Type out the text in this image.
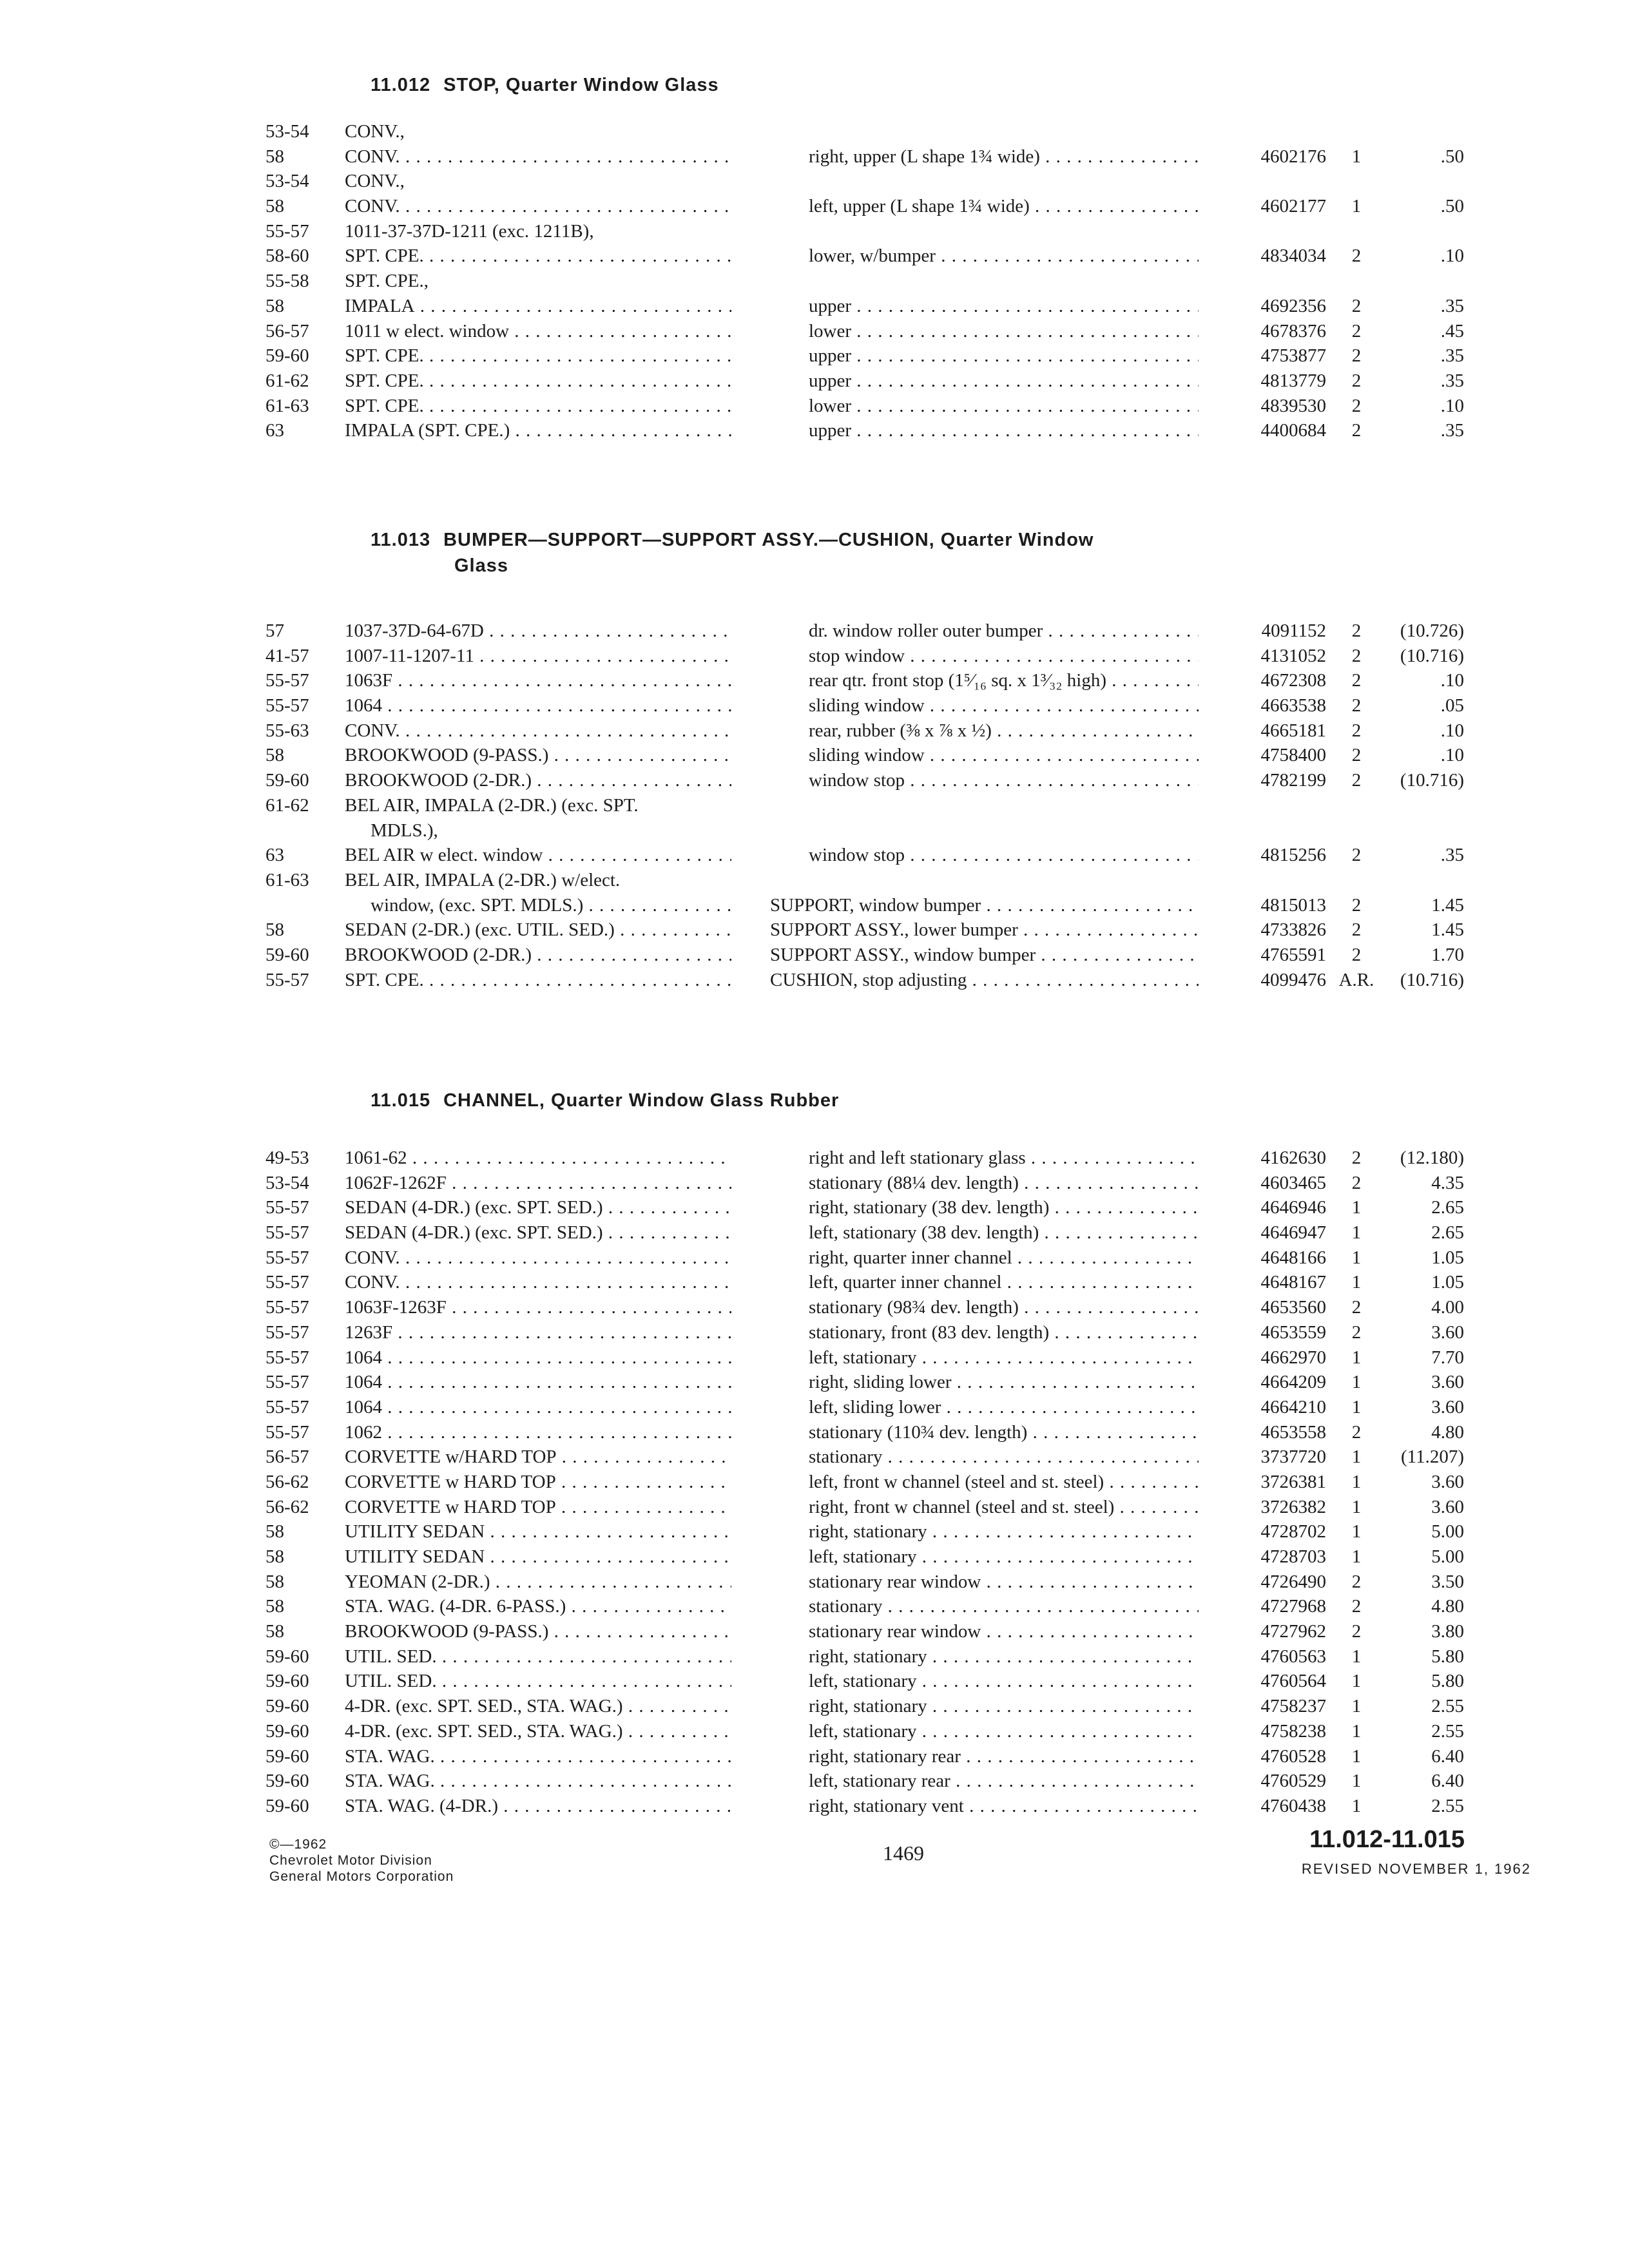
11.012 STOP, Quarter Window Glass
53-54	CONV.,
58	CONV. . . .	right, upper (L shape 1¾ wide) . . .	4602176	1	.50
53-54	CONV.,
58	CONV. . . .	left, upper (L shape 1¾ wide) . . .	4602177	1	.50
55-57	1011-37-37D-1211 (exc. 1211B),
58-60	SPT. CPE. . . .	lower, w/bumper . . .	4834034	2	.10
55-58	SPT. CPE.,
58	IMPALA . . .	upper . . .	4692356	2	.35
56-57	1011 w elect. window . . .	lower . . .	4678376	2	.45
59-60	SPT. CPE. . . .	upper . . .	4753877	2	.35
61-62	SPT. CPE. . . .	upper . . .	4813779	2	.35
61-63	SPT. CPE. . . .	lower . . .	4839530	2	.10
63	IMPALA (SPT. CPE.) . . .	upper . . .	4400684	2	.35
11.013 BUMPER—SUPPORT—SUPPORT ASSY.—CUSHION, Quarter Window
Glass
57	1037-37D-64-67D . . .	dr. window roller outer bumper . . .	4091152	2	(10.726)
41-57	1007-11-1207-11 . . .	stop window . . .	4131052	2	(10.716)
55-57	1063F . . .	rear qtr. front stop (1⁵⁄₁₆ sq. x 1³⁄₃₂ high) . . .	4672308	2	.10
55-57	1064 . . .	sliding window . . .	4663538	2	.05
55-63	CONV. . . .	rear, rubber (⅜ x ⅞ x ½) . . .	4665181	2	.10
58	BROOKWOOD (9-PASS.) . . .	sliding window . . .	4758400	2	.10
59-60	BROOKWOOD (2-DR.) . . .	window stop . . .	4782199	2	(10.716)
61-62	BEL AIR, IMPALA (2-DR.) (exc. SPT.
MDLS.),
63	BEL AIR w elect. window . . .	window stop . . .	4815256	2	.35
61-63	BEL AIR, IMPALA (2-DR.) w/elect.
window, (exc. SPT. MDLS.) . . .	SUPPORT, window bumper . . .	4815013	2	1.45
58	SEDAN (2-DR.) (exc. UTIL. SED.) . . .	SUPPORT ASSY., lower bumper . . .	4733826	2	1.45
59-60	BROOKWOOD (2-DR.) . . .	SUPPORT ASSY., window bumper . . .	4765591	2	1.70
55-57	SPT. CPE. . . .	CUSHION, stop adjusting . . .	4099476 A.R.	(10.716)
11.015 CHANNEL, Quarter Window Glass Rubber
49-53	1061-62 . . .	right and left stationary glass . . .	4162630	2	(12.180)
53-54	1062F-1262F . . .	stationary (88¼ dev. length) . . .	4603465	2	4.35
55-57	SEDAN (4-DR.) (exc. SPT. SED.) . . .	right, stationary (38 dev. length) . . .	4646946	1	2.65
55-57	SEDAN (4-DR.) (exc. SPT. SED.) . . .	left, stationary (38 dev. length) . . .	4646947	1	2.65
55-57	CONV. . . .	right, quarter inner channel . . .	4648166	1	1.05
55-57	CONV. . . .	left, quarter inner channel . . .	4648167	1	1.05
55-57	1063F-1263F . . .	stationary (98¾ dev. length) . . .	4653560	2	4.00
55-57	1263F . . .	stationary, front (83 dev. length) . . .	4653559	2	3.60
55-57	1064 . . .	left, stationary . . .	4662970	1	7.70
55-57	1064 . . .	right, sliding lower . . .	4664209	1	3.60
55-57	1064 . . .	left, sliding lower . . .	4664210	1	3.60
55-57	1062 . . .	stationary (110¾ dev. length) . . .	4653558	2	4.80
56-57	CORVETTE w/HARD TOP . . .	stationary . . .	3737720	1	(11.207)
56-62	CORVETTE w HARD TOP . . .	left, front w channel (steel and st. steel) . . .	3726381	1	3.60
56-62	CORVETTE w HARD TOP . . .	right, front w channel (steel and st. steel) . . .	3726382	1	3.60
58	UTILITY SEDAN . . .	right, stationary . . .	4728702	1	5.00
58	UTILITY SEDAN . . .	left, stationary . . .	4728703	1	5.00
58	YEOMAN (2-DR.) . . .	stationary rear window . . .	4726490	2	3.50
58	STA. WAG. (4-DR. 6-PASS.) . . .	stationary . . .	4727968	2	4.80
58	BROOKWOOD (9-PASS.) . . .	stationary rear window . . .	4727962	2	3.80
59-60	UTIL. SED. . . .	right, stationary . . .	4760563	1	5.80
59-60	UTIL. SED. . . .	left, stationary . . .	4760564	1	5.80
59-60	4-DR. (exc. SPT. SED., STA. WAG.) . . .	right, stationary . . .	4758237	1	2.55
59-60	4-DR. (exc. SPT. SED., STA. WAG.) . . .	left, stationary . . .	4758238	1	2.55
59-60	STA. WAG. . . .	right, stationary rear . . .	4760528	1	6.40
59-60	STA. WAG. . . .	left, stationary rear . . .	4760529	1	6.40
59-60	STA. WAG. (4-DR.) . . .	right, stationary vent . . .	4760438	1	2.55
©—1962
Chevrolet Motor Division
General Motors Corporation
1469	11.012-11.015
REVISED NOVEMBER 1, 1962
